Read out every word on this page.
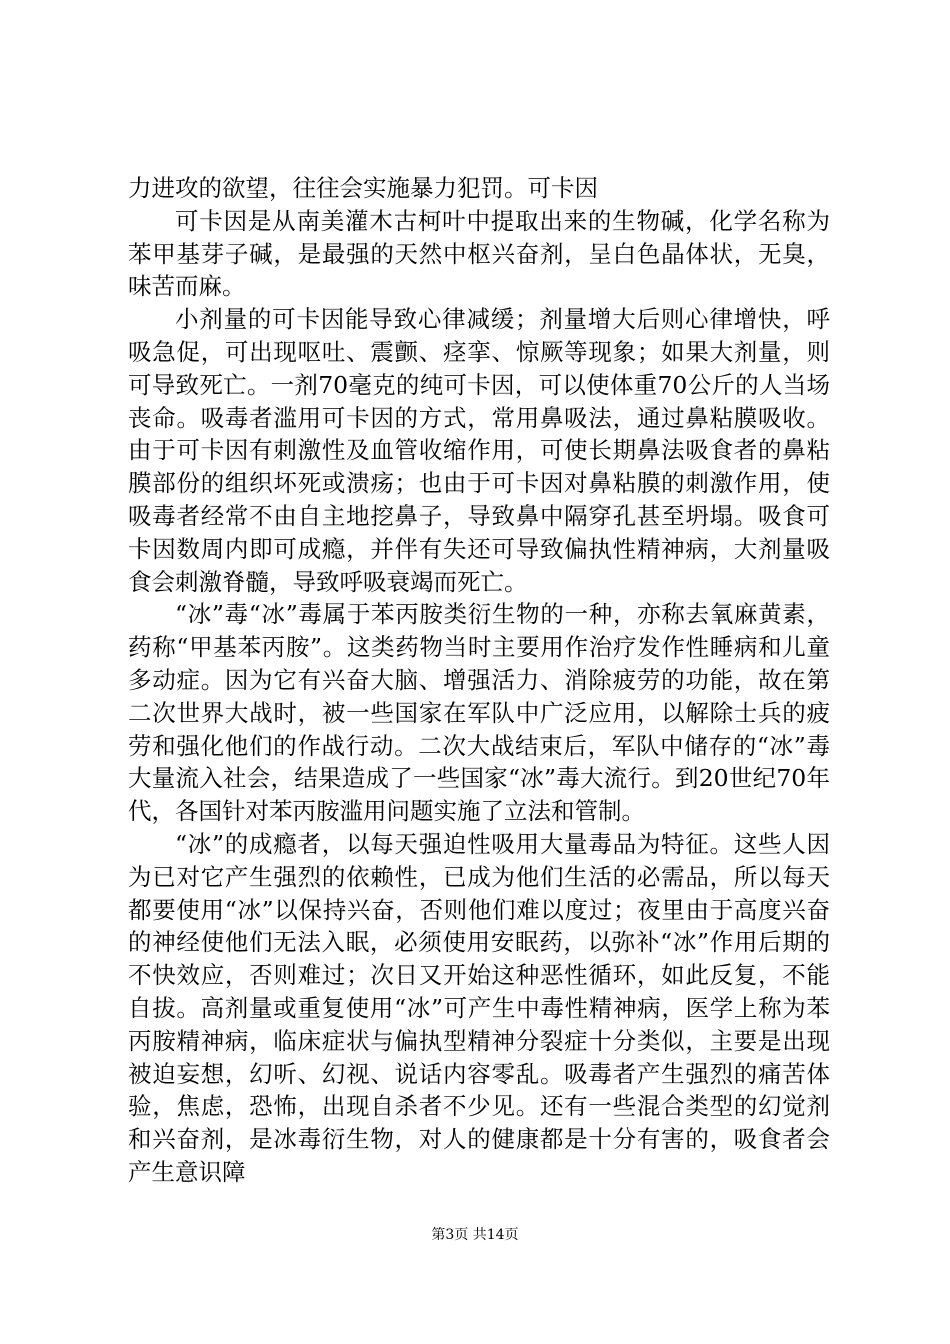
力进攻的欲望，往往会实施暴力犯罚。可卡因

可卡因是从南美灌木古柯叶中提取出来的生物碱，化学名称为苯甲基芽子碱，是最强的天然中枢兴奋剂，呈白色晶体状，无臭，味苦而麻。

小剂量的可卡因能导致心律减缓；剂量增大后则心律增快，呼吸急促，可出现呕吐、震颤、痉挛、惊厥等现象；如果大剂量，则可导致死亡。一剂70毫克的纯可卡因，可以使体重70公斤的人当场丧命。吸毒者滥用可卡因的方式，常用鼻吸法，通过鼻粘膜吸收。由于可卡因有刺激性及血管收缩作用，可使长期鼻法吸食者的鼻粘膜部份的组织坏死或溃疡；也由于可卡因对鼻粘膜的刺激作用，使吸毒者经常不由自主地挖鼻子，导致鼻中隔穿孔甚至坍塌。吸食可卡因数周内即可成瘾，并伴有失还可导致偏执性精神病，大剂量吸食会刺激脊髓，导致呼吸衰竭而死亡。

“冰”毒“冰”毒属于苯丙胺类衍生物的一种，亦称去氧麻黄素，药称“甲基苯丙胺”。这类药物当时主要用作治疗发作性睡病和儿童多动症。因为它有兴奋大脑、增强活力、消除疲劳的功能，故在第二次世界大战时，被一些国家在军队中广泛应用，以解除士兵的疲劳和强化他们的作战行动。二次大战结束后，军队中储存的“冰”毒大量流入社会，结果造成了一些国家“冰”毒大流行。到20世纪70年代，各国针对苯丙胺滥用问题实施了立法和管制。

“冰”的成瘾者，以每天强迫性吸用大量毒品为特征。这些人因为已对它产生强烈的依赖性，已成为他们生活的必需品，所以每天都要使用“冰”以保持兴奋，否则他们难以度过；夜里由于高度兴奋的神经使他们无法入眠，必须使用安眠药，以弥补“冰”作用后期的不快效应，否则难过；次日又开始这种恶性循环，如此反复，不能自拔。高剂量或重复使用“冰”可产生中毒性精神病，医学上称为苯丙胺精神病，临床症状与偏执型精神分裂症十分类似，主要是出现被迫妄想，幻听、幻视、说话内容零乱。吸毒者产生强烈的痛苦体验，焦虑，恐怖，出现自杀者不少见。还有一些混合类型的幻觉剂和兴奋剂，是冰毒衍生物，对人的健康都是十分有害的，吸食者会产生意识障

第3页 共14页
